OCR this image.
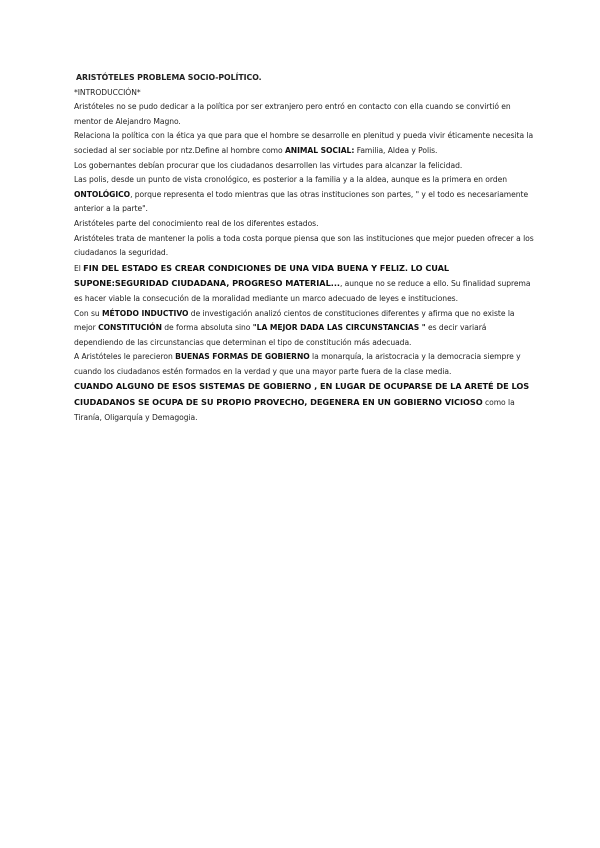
ARISTÓTELES PROBLEMA SOCIO-POLÍTICO.

*INTRODUCCIÓN*

Aristóteles no se pudo dedicar a la política por ser extranjero pero entró en contacto con ella cuando se convirtió en mentor de Alejandro Magno.

Relaciona la política con la ética ya que para que el hombre se desarrolle en plenitud y pueda vivir éticamente necesita la sociedad al ser sociable por ntz.Define al hombre como ANIMAL SOCIAL: Familia, Aldea y Polis.

Los gobernantes debían procurar que los ciudadanos desarrollen las virtudes para alcanzar la felicidad.

Las polis, desde un punto de vista cronológico, es posterior a la familia y a la aldea, aunque es la primera en orden ONTOLÓGICO, porque representa el todo mientras que las otras instituciones son partes, " y el todo es necesariamente anterior a la parte".

Aristóteles parte del conocimiento real de los diferentes estados.

Aristóteles trata de mantener la polis a toda costa porque piensa que son las instituciones que mejor pueden ofrecer a los ciudadanos la seguridad.

El FIN DEL ESTADO ES CREAR CONDICIONES DE UNA VIDA BUENA Y FELIZ. LO CUAL SUPONE:SEGURIDAD CIUDADANA, PROGRESO MATERIAL..., aunque no se reduce a ello. Su finalidad suprema es hacer viable la consecución de la moralidad mediante un marco adecuado de leyes e instituciones.

Con su MÉTODO INDUCTIVO de investigación analizó cientos de constituciones diferentes y afirma que no existe la mejor CONSTITUCIÓN de forma absoluta sino "LA MEJOR DADA LAS CIRCUNSTANCIAS " es decir variará dependiendo de las circunstancias que determinan el tipo de constitución más adecuada.

A Aristóteles le parecieron BUENAS FORMAS DE GOBIERNO la monarquía, la aristocracia y la democracia siempre y cuando los ciudadanos estén formados en la verdad y que una mayor parte fuera de la clase media.

CUANDO ALGUNO DE ESOS SISTEMAS DE GOBIERNO , EN LUGAR DE OCUPARSE DE LA ARETÉ DE LOS CIUDADANOS SE OCUPA DE SU PROPIO PROVECHO, DEGENERA EN UN GOBIERNO VICIOSO como la Tiranía, Oligarquía y Demagogia.
